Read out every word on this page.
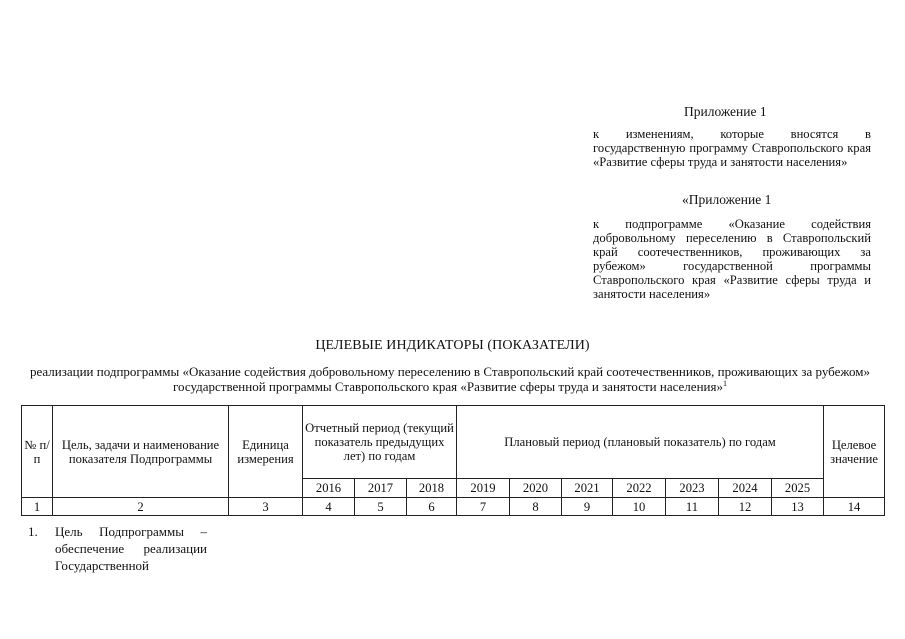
Приложение 1
к изменениям, которые вносятся в государственную программу Ставропольского края «Развитие сферы труда и занятости населения»
«Приложение 1
к подпрограмме «Оказание содействия добровольному переселению в Ставропольский край соотечественников, проживающих за рубежом» государственной программы Ставропольского края «Развитие сферы труда и занятости населения»
ЦЕЛЕВЫЕ ИНДИКАТОРЫ (ПОКАЗАТЕЛИ)
реализации подпрограммы «Оказание содействия добровольному переселению в Ставропольский край соотечественников, проживающих за рубежом» государственной программы Ставропольского края «Развитие сферы труда и занятости населения»$^1$
№ п/п	Цель, задачи и наименование показателя Подпрограммы	Единица измерения	Отчетный период (текущий показатель предыдущих лет) по годам			Плановый период (плановый показатель) по годам							Целевое значение
			2016	2017	2018	2019	2020	2021	2022	2023	2024	2025	
1	2	3	4	5	6	7	8	9	10	11	12	13	14
1. Цель Подпрограммы – обеспечение реализации Государственной
